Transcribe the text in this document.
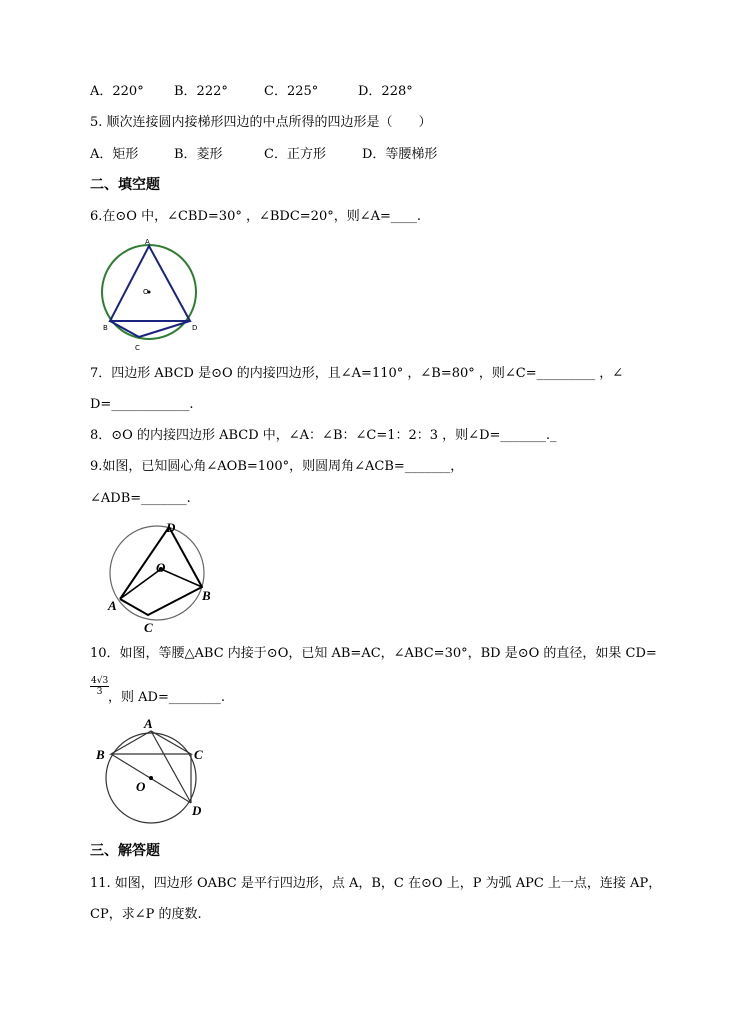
A．220° B．222°	C．225°	D．228°
5. 顺次连接圆内接梯形四边的中点所得的四边形是（　　）
A．矩形	B．菱形	C．正方形	D．等腰梯形
二、填空题
6.在⊙O 中，∠CBD=30° ，∠BDC=20°，则∠A=____.
A
O
B
C
D
7．四边形 ABCD 是⊙O 的内接四边形，且∠A=110° ，∠B=80° ，则∠C=_________ ，∠
D=____________.
8．⊙O 的内接四边形 ABCD 中，∠A：∠B：∠C=1：2：3 ，则∠D=_______._
9.如图，已知圆心角∠AOB=100°，则圆周角∠ACB=_______，
∠ADB=_______.
D
O
A
B
C
10．如图，等腰△ABC 内接于⊙O，已知 AB=AC，∠ABC=30°，BD 是⊙O 的直径，如果 CD=
$\frac{4√3}{3}$
，则 AD=________.
A
B	C
O
D
三、解答题
11. 如图，四边形 OABC 是平行四边形，点 A，B，C 在⊙O 上，P 为弧 APC 上一点，连接 AP，
CP，求∠P 的度数.
